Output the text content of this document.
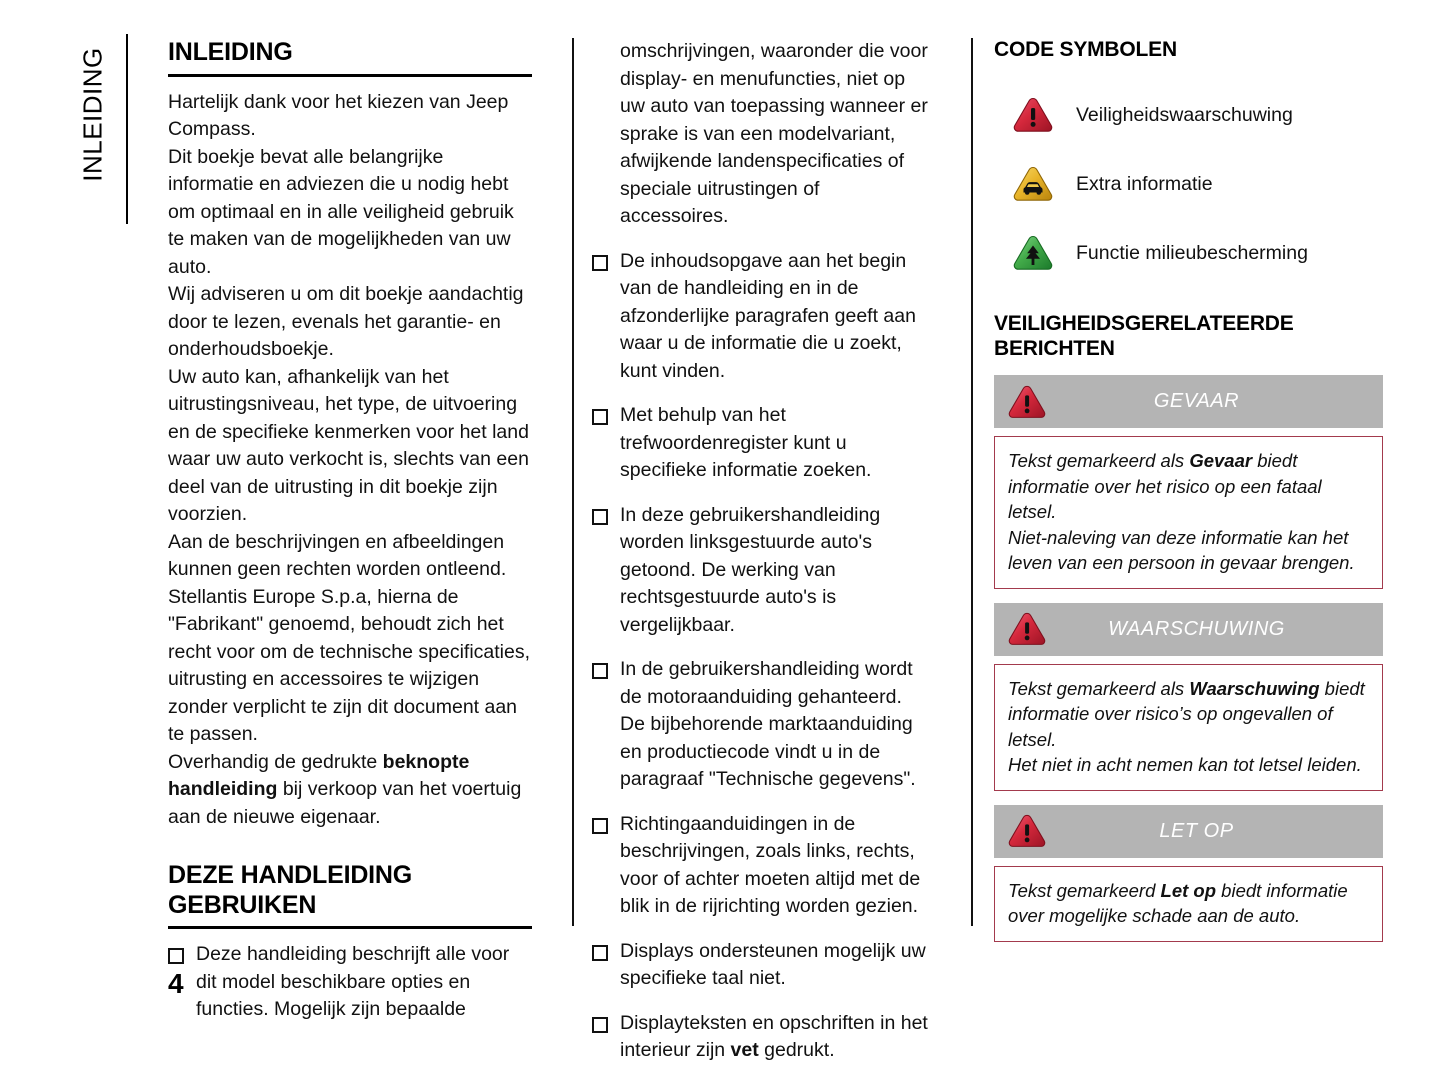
INLEIDING INLEIDING

Hartelijk dank voor het kiezen van Jeep Compass.

Dit boekje bevat alle belangrijke informatie en adviezen die u nodig hebt om optimaal en in alle veiligheid gebruik te maken van de mogelijkheden van uw auto.

Wij adviseren u om dit boekje aandachtig door te lezen, evenals het garantie- en onderhoudsboekje.

Uw auto kan, afhankelijk van het uitrustingsniveau, het type, de uitvoering en de specifieke kenmerken voor het land waar uw auto verkocht is, slechts van een deel van de uitrusting in dit boekje zijn voorzien.

Aan de beschrijvingen en afbeeldingen kunnen geen rechten worden ontleend. Stellantis Europe S.p.a, hierna de "Fabrikant" genoemd, behoudt zich het recht voor om de technische specificaties, uitrusting en accessoires te wijzigen zonder verplicht te zijn dit document aan te passen.

Overhandig de gedrukte beknopte handleiding bij verkoop van het voertuig aan de nieuwe eigenaar.

DEZE HANDLEIDING
GEBRUIKEN
Deze handleiding beschrijft alle voor dit model beschikbare opties en functies. Mogelijk zijn bepaalde
omschrijvingen, waaronder die voor display- en menufuncties, niet op uw auto van toepassing wanneer er sprake is van een modelvariant, afwijkende landenspecificaties of speciale uitrustingen of accessoires.
De inhoudsopgave aan het begin van de handleiding en in de afzonderlijke paragrafen geeft aan waar u de informatie die u zoekt, kunt vinden.
Met behulp van het trefwoordenregister kunt u specifieke informatie zoeken.
In deze gebruikershandleiding worden linksgestuurde auto's getoond. De werking van rechtsgestuurde auto's is vergelijkbaar.
In de gebruikershandleiding wordt de motoraanduiding gehanteerd. De bijbehorende marktaanduiding en productiecode vindt u in de paragraaf "Technische gegevens".
Richtingaanduidingen in de beschrijvingen, zoals links, rechts, voor of achter moeten altijd met de blik in de rijrichting worden gezien.
Displays ondersteunen mogelijk uw specifieke taal niet.
Displayteksten en opschriften in het interieur zijn vet gedrukt.
CODE SYMBOLEN
Veiligheidswaarschuwing
Extra informatie
Functie milieubescherming
VEILIGHEIDSGERELATEERDE
BERICHTEN
GEVAAR
Tekst gemarkeerd als Gevaar biedt informatie over het risico op een fataal letsel.
Niet-naleving van deze informatie kan het leven van een persoon in gevaar brengen.
WAARSCHUWING
Tekst gemarkeerd als Waarschuwing biedt informatie over risico’s op ongevallen of letsel.
Het niet in acht nemen kan tot letsel leiden.
LET OP
Tekst gemarkeerd Let op biedt informatie over mogelijke schade aan de auto.
4
